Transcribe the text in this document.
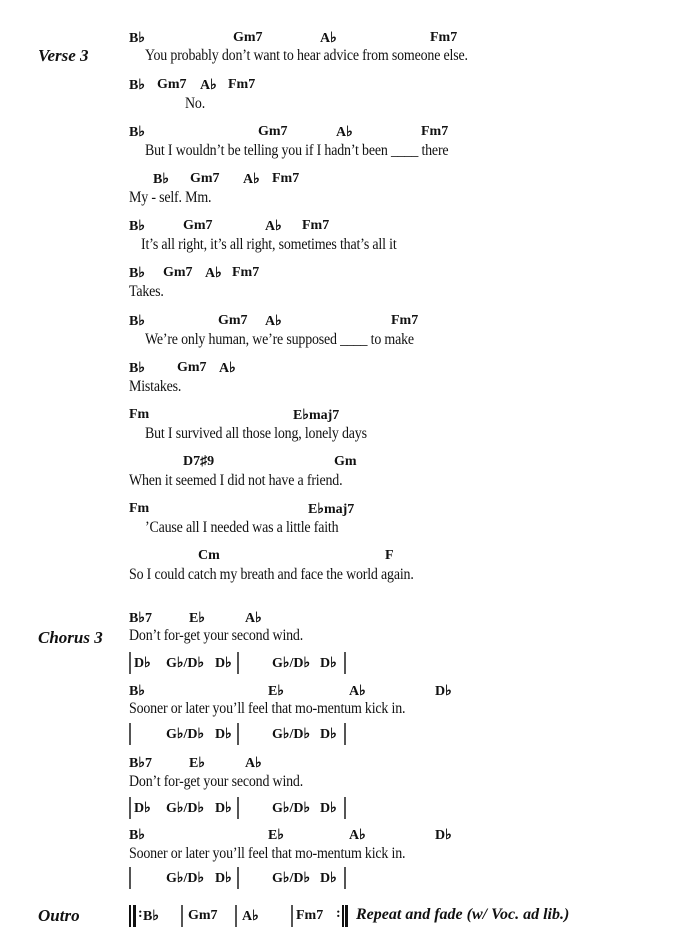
Verse 3
Chorus 3
Outro
B♭	Gm7	A♭	Fm7
You probably don’t want to hear advice from someone else.
B♭ Gm7 A♭ Fm7
No.
B♭	Gm7	A♭	Fm7
But I wouldn’t be telling you if I hadn’t been ____ there
B♭ Gm7 A♭ Fm7
My - self. Mm.
B♭	Gm7	A♭ Fm7
It’s all right, it’s all right, sometimes that’s all it
B♭ Gm7 A♭ Fm7
Takes.
B♭	Gm7 A♭	Fm7
We’re only human, we’re supposed ____ to make
B♭ Gm7 A♭
Mistakes.
Fm	E♭maj7
But I survived all those long, lonely days
D7♯9	Gm
When it seemed I did not have a friend.
Fm	E♭maj7
’Cause all I needed was a little faith
Cm	F
So I could catch my breath and face the world again.
B♭7	E♭	A♭
Don’t for-get your second wind.
D♭ G♭/D♭ D♭	G♭/D♭ D♭
B♭	E♭	A♭	D♭
Sooner or later you’ll feel that mo-mentum kick in.
G♭/D♭ D♭	G♭/D♭ D♭
B♭7	E♭	A♭
Don’t for-get your second wind.
D♭ G♭/D♭ D♭	G♭/D♭ D♭
B♭	E♭	A♭	D♭
Sooner or later you’ll feel that mo-mentum kick in.
G♭/D♭ D♭	G♭/D♭ D♭
:	: Repeat and fade (w/ Voc. ad lib.)
B♭ Gm7 A♭	Fm7
